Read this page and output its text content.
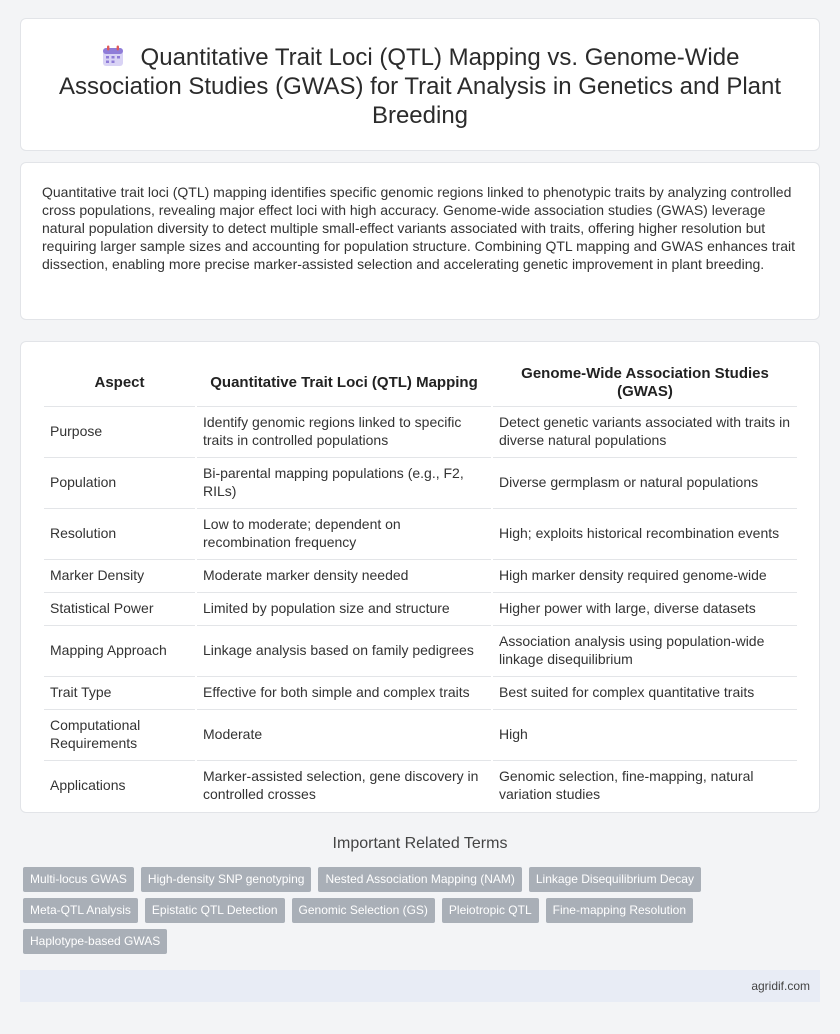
Quantitative Trait Loci (QTL) Mapping vs. Genome-Wide Association Studies (GWAS) for Trait Analysis in Genetics and Plant Breeding

Quantitative trait loci (QTL) mapping identifies specific genomic regions linked to phenotypic traits by analyzing controlled cross populations, revealing major effect loci with high accuracy. Genome-wide association studies (GWAS) leverage natural population diversity to detect multiple small-effect variants associated with traits, offering higher resolution but requiring larger sample sizes and accounting for population structure. Combining QTL mapping and GWAS enhances trait dissection, enabling more precise marker-assisted selection and accelerating genetic improvement in plant breeding.

Aspect	Quantitative Trait Loci (QTL) Mapping	Genome-Wide Association Studies (GWAS)
Purpose	Identify genomic regions linked to specific traits in controlled populations	Detect genetic variants associated with traits in diverse natural populations
Population	Bi-parental mapping populations (e.g., F2, RILs)	Diverse germplasm or natural populations
Resolution	Low to moderate; dependent on recombination frequency	High; exploits historical recombination events
Marker Density	Moderate marker density needed	High marker density required genome-wide
Statistical Power	Limited by population size and structure	Higher power with large, diverse datasets
Mapping Approach	Linkage analysis based on family pedigrees	Association analysis using population-wide linkage disequilibrium
Trait Type	Effective for both simple and complex traits	Best suited for complex quantitative traits
Computational Requirements	Moderate	High
Applications	Marker-assisted selection, gene discovery in controlled crosses	Genomic selection, fine-mapping, natural variation studies
Important Related Terms
Multi-locus GWAS High-density SNP genotyping Nested Association Mapping (NAM) Linkage Disequilibrium Decay
Meta-QTL Analysis Epistatic QTL Detection Genomic Selection (GS) Pleiotropic QTL Fine-mapping Resolution
Haplotype-based GWAS
agridif.com
